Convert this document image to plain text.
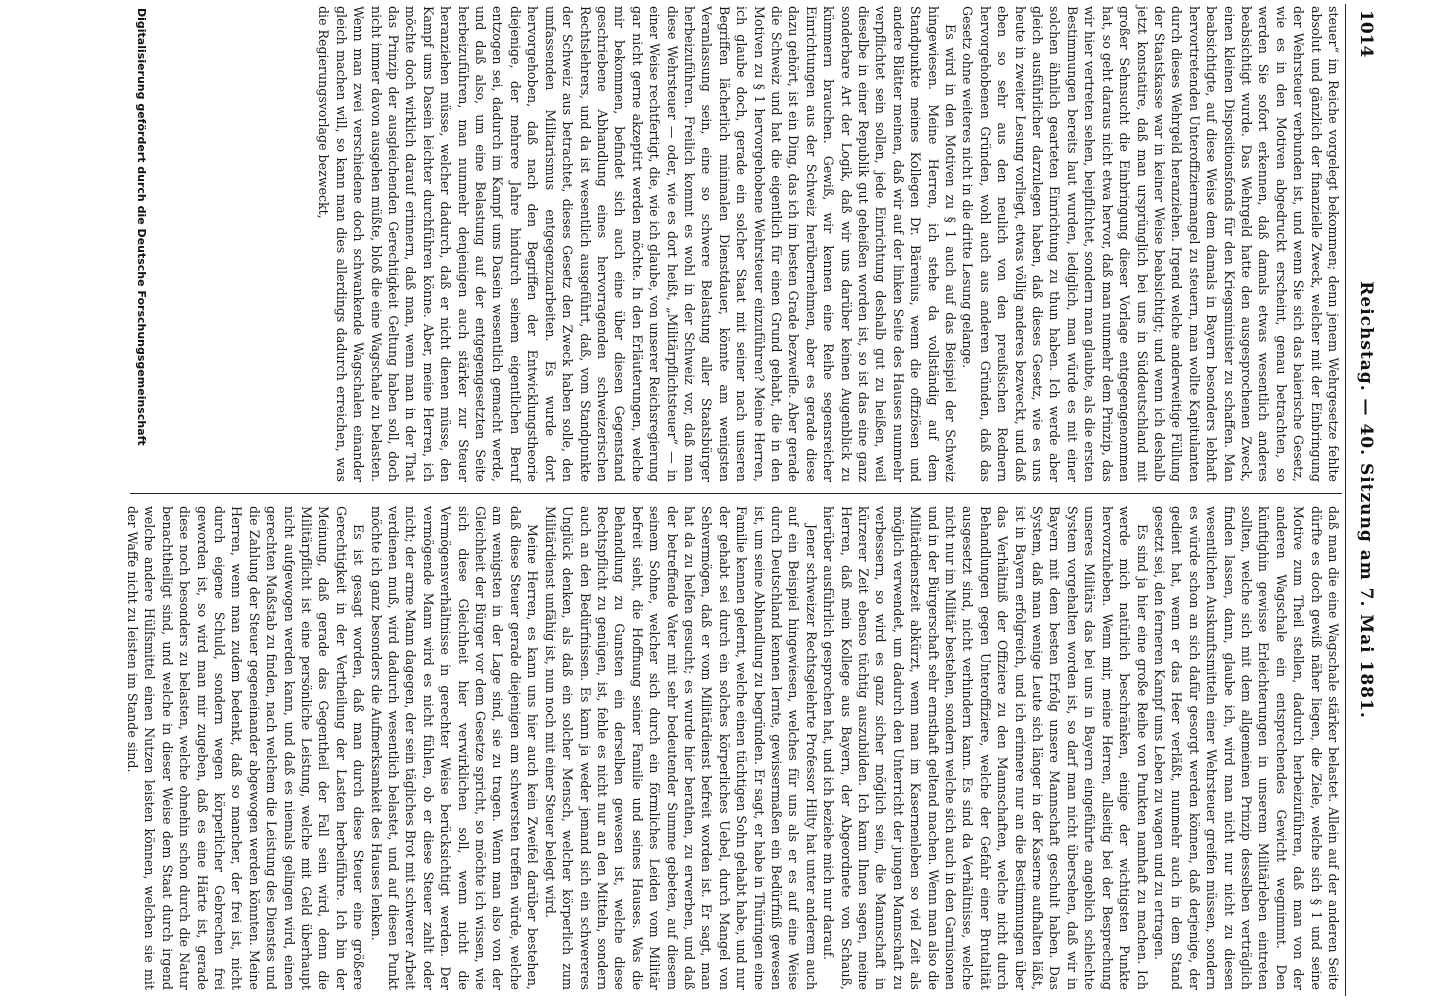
1014
Reichstag. — 40. Sitzung am 7. Mai 1881.

steuer“ im Reiche vorgelegt bekommen; denn jenem Wehrgesetze fehlte absolut und gänzlich der finanzielle Zweck, welcher mit der Einbringung der Wehrsteuer verbunden ist, und wenn Sie sich das baierische Gesetz, wie es in den Motiven abgedruckt erscheint, genau betrachten, so werden Sie sofort erkennen, daß damals etwas wesentlich anderes beabsichtigt wurde. Das Wehrgeld hatte den ausgesprochenen Zweck, einen kleinen Dispositionsfonds für den Kriegsminister zu schaffen. Man beabsichtigte, auf diese Weise dem damals in Bayern besonders lebhaft hervortretenden Unteroffiziermangel zu steuern, man wollte Kapitulanten durch dieses Wehrgeld heranziehen. Irgend welche anderweitige Füllung der Staatskasse war in keiner Weise beabsichtigt; und wenn ich deshalb jetzt konstatire, daß man ursprünglich bei uns in Süddeutschland mit großer Sehnsucht die Einbringung dieser Vorlage entgegengenommen hat, so geht daraus nicht etwa hervor, daß man nunmehr dem Prinzip, das wir hier vertreten sehen, beipflichtet, sondern man glaubte, als die ersten Bestimmungen bereits laut wurden, lediglich, man würde es mit einer solchen ähnlich gearteten Einrichtung zu thun haben. Ich werde aber gleich ausführlicher darzulegen haben, daß dieses Gesetz, wie es uns heute in zweiter Lesung vorliegt, etwas völlig anderes bezweckt, und daß eben so sehr aus den neulich von den preußischen Rednern hervorgehobenen Gründen, wohl auch aus anderen Gründen, daß das Gesetz ohne weiteres nicht in die dritte Lesung gelange.

Es wird in den Motiven zu § 1 auch auf das Beispiel der Schweiz hingewiesen. Meine Herren, ich stehe da vollständig auf dem Standpunkte meines Kollegen Dr. Bärenius, wenn die offiziösen und andere Blätter meinen, daß wir auf der linken Seite des Hauses nunmehr verpflichtet sein sollen, jede Einrichtung deshalb gut zu heißen, weil dieselbe in einer Republik gut geheißen worden ist, so ist das eine ganz sonderbare Art der Logik, daß wir uns darüber keinen Augenblick zu kümmern brauchen. Gewiß, wir kennen eine Reihe segensreicher Einrichtungen aus der Schweiz herübernehmen, aber es gerade diese dazu gehört, ist ein Ding, das ich im besten Grade bezweifle. Aber gerade die Schweiz und hat die eigentlich für einen Grund gehabt, die in den Motiven zu § 1 hervorgehobene Wehrsteuer einzuführen? Meine Herren, ich glaube doch, gerade ein solcher Staat mit seiner nach unseren Begriffen lächerlich minimalen Dienstdauer, könnte am wenigsten Veranlassung sein, eine so schwere Belastung aller Staatsbürger herbeizuführen. Freilich kommt es wohl in der Schweiz vor, daß man diese Wehrsteuer — oder, wie es dort heißt, „Militärpflichtsteuer“ — in einer Weise rechtfertigt, die, wie ich glaube, von unserer Reichsregierung gar nicht gerne akzeptirt werden möchte. In den Erläuterungen, welche mir bekommen, befindet sich auch eine über diesen Gegenstand geschriebene Abhandlung eines hervorragenden schweizerischen Rechtslehrers, und da ist wesentlich ausgeführt, daß, vom Standpunkte der Schweiz aus betrachtet, dieses Gesetz den Zweck haben solle, den umfassenden Militarismus entgegenzuarbeiten. Es wurde dort hervorgehoben, daß nach den Begriffen der Entwicklungstheorie diejenige, der mehrere Jahre hindurch seinem eigentlichen Beruf entzogen sei, dadurch im Kampf ums Dasein wesentlich gemacht werde, und daß also, um eine Belastung auf der entgegengesetzten Seite herbeizuführen, man nunmehr denjenigen auch stärker zur Steuer heranziehen müsse, welcher dadurch, daß er nicht dienen müsse, den Kampf ums Dasein leichter durchführen könne. Aber, meine Herren, ich möchte doch wirklich darauf erinnern, daß man, wenn man in der That das Prinzip der ausgleichenden Gerechtigkeit Geltung haben soll, doch nicht immer davon ausgehen müßte, bloß die eine Wagschale zu belasten. Wenn man zwei verschiedene doch schwankende Wagschalen einander gleich machen will, so kann man dies allerdings dadurch erreichen, was die Regierungsvorlage bezweckt,

daß man die eine Wagschale stärker belastet. Allein auf der anderen Seite dürfte es doch gewiß näher liegen, die Ziele, welche sich § 1 und seine Motive zum Theil stellen, dadurch herbeizuführen, daß man von der anderen Wagschale ein entsprechendes Gewicht wegnimmt. Den künftighin gewisse Erleichterungen in unserem Militärleben eintreten sollten, welche sich mit dem allgemeinen Prinzip desselben verträglich finden lassen, dann, glaube ich, wird man nicht nur nicht zu diesen wesentlichen Auskunftsmitteln einer Wehrsteuer greifen müssen, sondern es würde schon an sich dafür gesorgt werden können, daß derjenige, der gedient hat, wenn er das Heer verläßt, nunmehr auch in dem Stand gesetzt sei, den ferneren Kampf ums Leben zu wagen und zu ertragen.

Es sind ja hier eine große Reihe von Punkten namhaft zu machen. Ich werde mich natürlich beschränken, einige der wichtigsten Punkte hervorzuheben. Wenn mir, meine Herren, allseitig bei der Besprechung unseres Militärs das bei uns in Bayern eingeführte angeblich schlechte System vorgehalten worden ist, so darf man nicht übersehen, daß wir in Bayern mit dem besten Erfolg unsere Mannschaft geschult haben. Das System, daß man wenige Leute sich länger in der Kaserne aufhalten läßt, ist in Bayern erfolgreich, und ich erinnere nur an die Bestimmungen über das Verhältniß der Offiziere zu den Mannschaften, welche nicht durch Behandlungen gegen Unteroffiziere, welche der Gefahr einer Brutalität ausgesetzt sind, nicht verhindern kann. Es sind da Verhältnisse, welche nicht nur im Militär bestehen, sondern welche sich auch in den Garnisonen und in der Bürgerschaft sehr ernsthaft geltend machen. Wenn man also die Militärdienstzeit abkürzt, wenn man im Kasernenleben so viel Zeit als möglich verwendet, um dadurch den Unterricht der jungen Mannschaft zu verbessern, so wird es ganz sicher möglich sein, die Mannschaft in kürzerer Zeit ebenso tüchtig auszubilden. Ich kann Ihnen sagen, meine Herren, daß mein Kollege aus Bayern, der Abgeordnete von Schauß, hierüber ausführlich gesprochen hat, und ich beziehe mich nur darauf.

Jener schweizer Rechtsgelehrte Professor Hilty hat unter anderem auch auf ein Beispiel hingewiesen, welches für uns als er es auf eine Weise durch Deutschland kennen lernte, gewissermaßen ein Bedürfniß gewesen ist, um seine Abhandlung zu begründen. Er sagt, er habe in Thüringen eine Familie kennen gelernt, welche einen tüchtigen Sohn gehabt habe, und nur der gehabt sei durch ein solches körperliches Uebel, durch Mangel von Sehvermögen, daß er vom Militärdienst befreit worden ist. Er sagt, man hat da zu helfen gesucht; es wurde hier berathen, zu erwerben, und daß der betreffende Vater mit sehr bedeutender Summe gebeten, auf diesem seinem Sohne, welcher sich durch ein förmliches Leiden vom Militär befreit sieht, die Hoffnung seiner Familie und seines Hauses. Was die Behandlung zu Gunsten ein derselben gewesen ist, welche diese Rechtspflicht zu genügen, ist, fehle es nicht nur an den Mitteln, sondern auch an den Bedürfnissen. Es kann ja weder jemand sich ein schwereres Unglück denken, als daß ein solcher Mensch, welcher körperlich zum Militärdienst unfähig ist, nun noch mit einer Steuer belegt wird.

Meine Herren, es kann uns hier auch kein Zweifel darüber bestehen, daß diese Steuer gerade diejenigen am schwersten treffen würde, welche am wenigsten in der Lage sind, sie zu tragen. Wenn man also von der Gleichheit der Bürger vor dem Gesetze spricht, so möchte ich wissen, wie sich diese Gleichheit hier verwirklichen soll, wenn nicht die Vermögensverhältnisse in gerechter Weise berücksichtigt werden. Der vermögende Mann wird es nicht fühlen, ob er diese Steuer zahlt oder nicht; der arme Mann dagegen, der sein tägliches Brot mit schwerer Arbeit verdienen muß, wird dadurch wesentlich belastet, und auf diesen Punkt möchte ich ganz besonders die Aufmerksamkeit des Hauses lenken.

Es ist gesagt worden, daß man durch diese Steuer eine größere Gerechtigkeit in der Vertheilung der Lasten herbeiführe. Ich bin der Meinung, daß gerade das Gegentheil der Fall sein wird, denn die Militärpflicht ist eine persönliche Leistung, welche mit Geld überhaupt nicht aufgewogen werden kann, und daß es niemals gelingen wird, einen gerechten Maßstab zu finden, nach welchem die Leistung des Dienstes und die Zahlung der Steuer gegeneinander abgewogen werden könnten. Meine Herren, wenn man zudem bedenkt, daß so mancher, der frei ist, nicht durch eigene Schuld, sondern wegen körperlicher Gebrechen frei geworden ist, so wird man mir zugeben, daß es eine Härte ist, gerade diese noch besonders zu belasten, welche ohnehin schon durch die Natur benachtheiligt sind, und welche in dieser Weise dem Staat durch irgend welche andere Hülfsmittel einen Nutzen leisten können, welchen sie mit der Waffe nicht zu leisten im Stande sind.

Digitalisierung gefördert durch die Deutsche Forschungsgemeinschaft
